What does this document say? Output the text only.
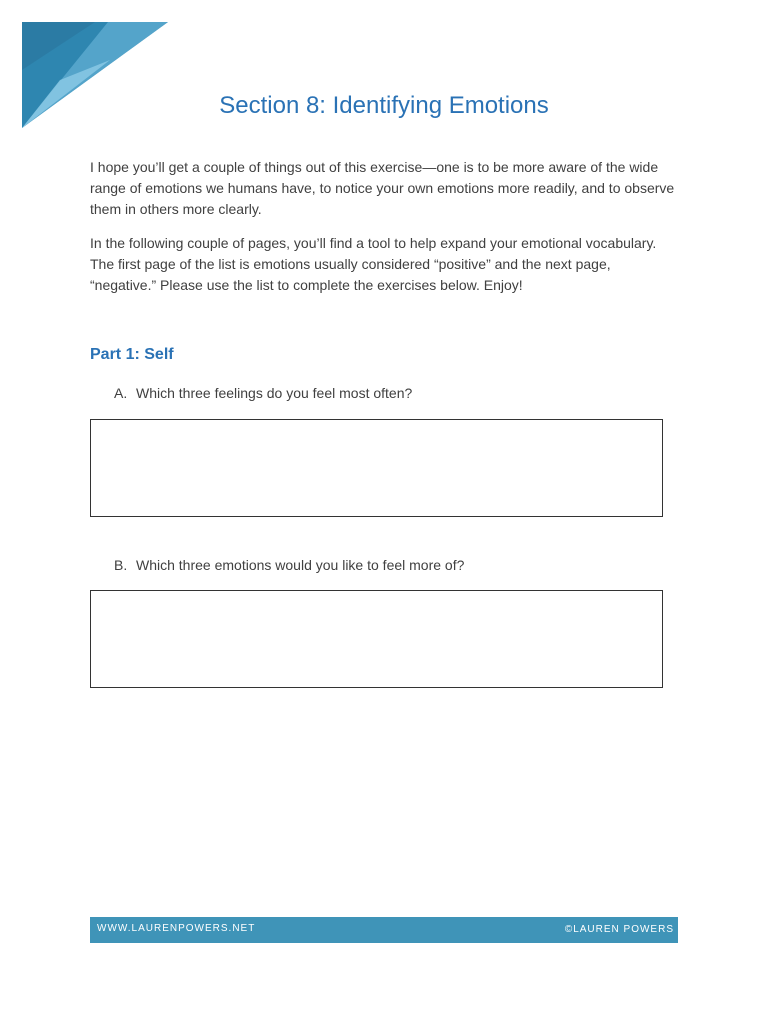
Section 8: Identifying Emotions
I hope you’ll get a couple of things out of this exercise—one is to be more aware of the wide range of emotions we humans have, to notice your own emotions more readily, and to observe them in others more clearly.
In the following couple of pages, you’ll find a tool to help expand your emotional vocabulary. The first page of the list is emotions usually considered “positive” and the next page, “negative.” Please use the list to complete the exercises below. Enjoy!
Part 1: Self
A. Which three feelings do you feel most often?
B. Which three emotions would you like to feel more of?
WWW.LAURENPOWERS.NET	©LAUREN POWERS
